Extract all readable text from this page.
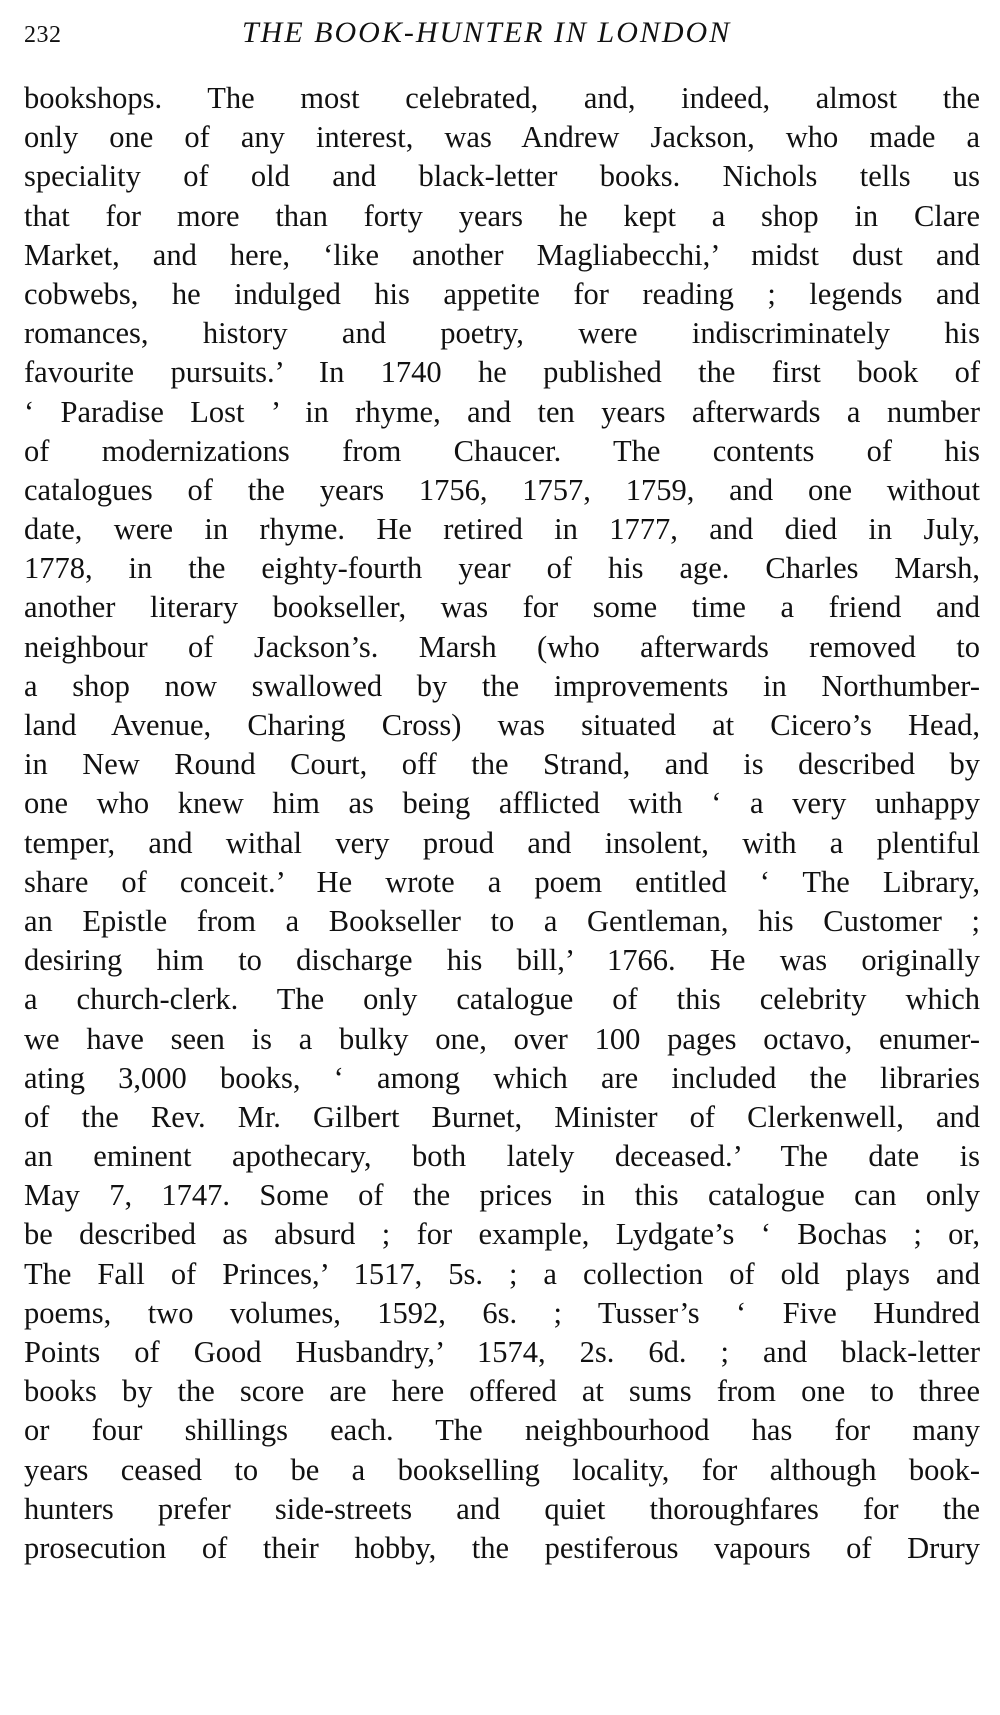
232	THE BOOK-HUNTER IN LONDON
bookshops. The most celebrated, and, indeed, almost the
only one of any interest, was Andrew Jackson, who made a
speciality of old and black-letter books. Nichols tells us
that for more than forty years he kept a shop in Clare
Market, and here, ‘like another Magliabecchi,’ midst dust and
cobwebs, he indulged his appetite for reading ; legends and
romances, history and poetry, were indiscriminately his
favourite pursuits.’ In 1740 he published the first book of
‘ Paradise Lost ’ in rhyme, and ten years afterwards a number
of modernizations from Chaucer. The contents of his
catalogues of the years 1756, 1757, 1759, and one without
date, were in rhyme. He retired in 1777, and died in July,
1778, in the eighty-fourth year of his age. Charles Marsh,
another literary bookseller, was for some time a friend and
neighbour of Jackson’s. Marsh (who afterwards removed to
a shop now swallowed by the improvements in Northumber-
land Avenue, Charing Cross) was situated at Cicero’s Head,
in New Round Court, off the Strand, and is described by
one who knew him as being afflicted with ‘ a very unhappy
temper, and withal very proud and insolent, with a plentiful
share of conceit.’ He wrote a poem entitled ‘ The Library,
an Epistle from a Bookseller to a Gentleman, his Customer ;
desiring him to discharge his bill,’ 1766. He was originally
a church-clerk. The only catalogue of this celebrity which
we have seen is a bulky one, over 100 pages octavo, enumer-
ating 3,000 books, ‘ among which are included the libraries
of the Rev. Mr. Gilbert Burnet, Minister of Clerkenwell, and
an eminent apothecary, both lately deceased.’ The date is
May 7, 1747. Some of the prices in this catalogue can only
be described as absurd ; for example, Lydgate’s ‘ Bochas ; or,
The Fall of Princes,’ 1517, 5s. ; a collection of old plays and
poems, two volumes, 1592, 6s. ; Tusser’s ‘ Five Hundred
Points of Good Husbandry,’ 1574, 2s. 6d. ; and black-letter
books by the score are here offered at sums from one to three
or four shillings each. The neighbourhood has for many
years ceased to be a bookselling locality, for although book-
hunters prefer side-streets and quiet thoroughfares for the
prosecution of their hobby, the pestiferous vapours of Drury
